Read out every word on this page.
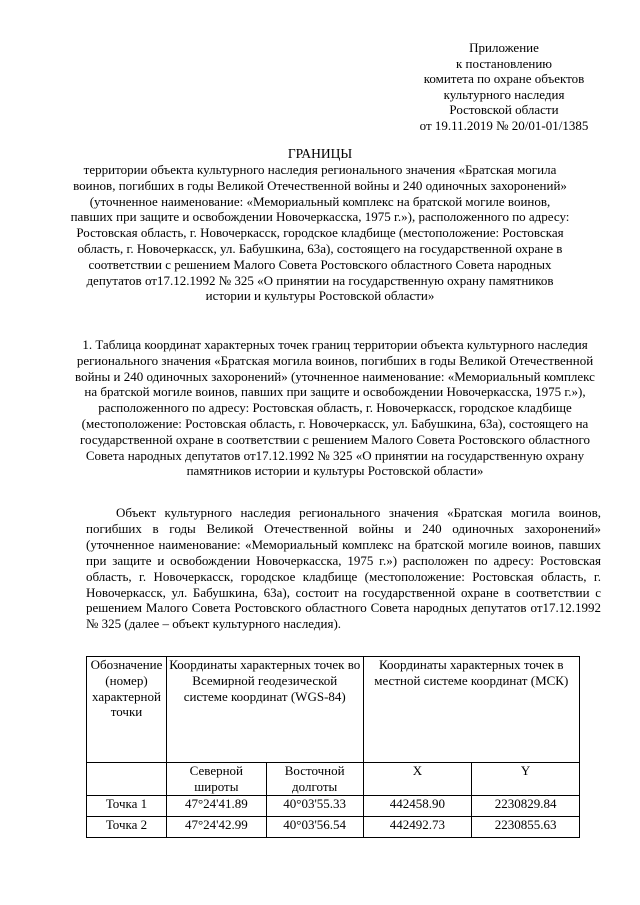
Приложение
к постановлению
комитета по охране объектов
культурного наследия
Ростовской области
от 19.11.2019 № 20/01-01/1385
ГРАНИЦЫ
территории объекта культурного наследия регионального значения «Братская могила воинов, погибших в годы Великой Отечественной войны и 240 одиночных захоронений» (уточненное наименование: «Мемориальный комплекс на братской могиле воинов, павших при защите и освобождении Новочеркасска, 1975 г.»), расположенного по адресу: Ростовская область, г. Новочеркасск, городское кладбище (местоположение: Ростовская область, г. Новочеркасск, ул. Бабушкина, 63а), состоящего на государственной охране в соответствии с решением Малого Совета Ростовского областного Совета народных депутатов от17.12.1992 № 325 «О принятии на государственную охрану памятников истории и культуры Ростовской области»
1. Таблица координат характерных точек границ территории объекта культурного наследия регионального значения «Братская могила воинов, погибших в годы Великой Отечественной войны и 240 одиночных захоронений» (уточненное наименование: «Мемориальный комплекс на братской могиле воинов, павших при защите и освобождении Новочеркасска, 1975 г.»), расположенного по адресу: Ростовская область, г. Новочеркасск, городское кладбище (местоположение: Ростовская область, г. Новочеркасск, ул. Бабушкина, 63а), состоящего на государственной охране в соответствии с решением Малого Совета Ростовского областного Совета народных депутатов от17.12.1992 № 325 «О принятии на государственную охрану памятников истории и культуры Ростовской области»
Объект культурного наследия регионального значения «Братская могила воинов, погибших в годы Великой Отечественной войны и 240 одиночных захоронений» (уточненное наименование: «Мемориальный комплекс на братской могиле воинов, павших при защите и освобождении Новочеркасска, 1975 г.») расположен по адресу: Ростовская область, г. Новочеркасск, городское кладбище (местоположение: Ростовская область, г. Новочеркасск, ул. Бабушкина, 63а), состоит на государственной охране в соответствии с решением Малого Совета Ростовского областного Совета народных депутатов от17.12.1992 № 325 (далее – объект культурного наследия).
Обозначение (номер) характерной точки	Координаты характерных точек во Всемирной геодезической системе координат (WGS-84)		Координаты характерных точек в местной системе координат (МСК)	
	Северной широты	Восточной долготы	X	Y
Точка 1	47°24'41.89	40°03'55.33	442458.90	2230829.84
Точка 2	47°24'42.99	40°03'56.54	442492.73	2230855.63
